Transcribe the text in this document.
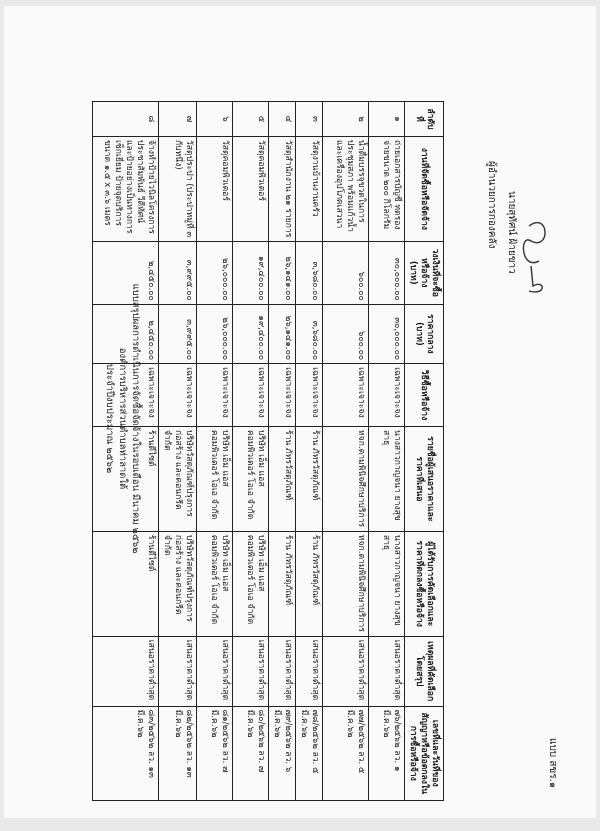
แบบ สขร.๑
แบบสรุปผลการดำเนินการจัดซื้อจัดจ้างในรอบเดือน มีนาคม ๒๕๖๒
องค์การบริหารส่วนตำบลท่าลาดใต้
ประจำปีงบประมาณ ๒๕๖๒
ลำดับ ที่	งานที่จัดซื้อหรือจัดจ้าง	วงเงินที่จะซื้อหรือจ้าง (บาท)	ราคากลาง (บาท)	วิธีซื้อหรือจ้าง	รายชื่อผู้เสนอราคาและราคาที่เสนอ	ผู้ได้รับการคัดเลือกและราคาที่ตกลงซื้อหรือจ้าง	เหตุผลที่คัดเลือกโดยสรุป	เลขที่และวันที่ของสัญญาหรือข้อตกลงในการซื้อหรือจ้าง
๑	ถ่ายเอกสารบัญชี ทดรองจ่ายขนาด ๒๐๐ กิโลกรัม	๓๐,๐๐๐.๐๐	๓๐,๐๐๐.๐๐	เฉพาะเจาะจง	นางสาวกาญจนา ยางสุขสาธุ	นางสาวกาญจนา ยางสุขสาธุ	เสนอราคาต่ำสุด	๗๖/๒๕๖๒ ลว. ๑ มี.ค.๖๒
๒	น้ำดื่มบรรจุขวดในการประชุมสภา พร้อมแก้วน้ำและเครื่องอุปโภคเสวนา	๖๐๐.๐๐	๖๐๐.๐๐	เฉพาะเจาะจง	หจก.ตามพินิจศึกษาบริการ	หจก.ตามพินิจศึกษาบริการ	เสนอราคาต่ำสุด	๗๗/๒๕๖๒ ลว. ๕ มี.ค.๖๒
๓	วัสดุงานบ้านงานครัว	๓,๖๘๐.๐๐	๓,๖๘๐.๐๐	เฉพาะเจาะจง	ร้าน ภัทรวัสดุภัณฑ์	ร้าน ภัทรวัสดุภัณฑ์	เสนอราคาต่ำสุด	๗๘/๒๕๖๒ ลว. ๕ มี.ค.๖๒
๔	วัสดุสำนักงาน ๒๑ รายการ	๒๖,๑๔๑.๐๐	๒๖,๑๔๑.๐๐	เฉพาะเจาะจง	ร้าน ภัทรวัสดุภัณฑ์	ร้าน ภัทรวัสดุภัณฑ์	เสนอราคาต่ำสุด	๗๙/๒๕๖๒ ลว. ๖ มี.ค.๖๒
๕	วัสดุคอมพิวเตอร์	๑๙,๔๐๐.๐๐	๑๙,๔๐๐.๐๐	เฉพาะเจาะจง	บริษัท เอ็ม แอส คอมพิวเตอร์ โอเอ จำกัด	บริษัท เอ็ม แอส คอมพิวเตอร์ โอเอ จำกัด	เสนอราคาต่ำสุด	๘๐/๒๕๖๒ ลว. ๗ มี.ค.๖๒
๖	วัสดุคอมพิวเตอร์	๒๖,๐๐๐.๐๐	๒๖,๐๐๐.๐๐	เฉพาะเจาะจง	บริษัท เอ็ม แอส คอมพิวเตอร์ โอเอ จำกัด	บริษัท เอ็ม แอส คอมพิวเตอร์ โอเอ จำกัด	เสนอราคาต่ำสุด	๘๑/๒๕๖๒ ลว. ๗ มี.ค.๖๒
๗	วัสดุประปา (ประปาหมู่ที่ ๓ กับหนึ่ง)	๓,๙๙๕.๐๐	๓,๙๙๕.๐๐	เฉพาะเจาะจง	บริษัทวัสดุภัณฑ์ปรุงการก่อสร้าง และคอนกรีตจำกัด	บริษัทวัสดุภัณฑ์ปรุงการก่อสร้าง และคอนกรีตจำกัด	เสนอราคาต่ำสุด	๘๒/๒๕๖๒ ลว. ๑๓ มี.ค.๖๒
๘	จ้างทำป้ายไวนิลโครงการประชาสัมพันธ์ วีดีทัศน์ และป้ายอย่างเป็นทางการ เช็กเยี่ยม ป้ายจุดบริการ ขนาด ๑.๕ x ๓.๖ เมตร	๒,๔๕๐.๐๐	๒,๔๕๐.๐๐	เฉพาะเจาะจง	ร้านดีไซด์	ร้านดีไซด์	เสนอราคาต่ำสุด	๘๓/๒๕๖๒ ลว. ๑๓ มี.ค.๖๒
นายสุทัศน์ ฝ้ายขาว
ผู้อำนวยการกองคลัง
